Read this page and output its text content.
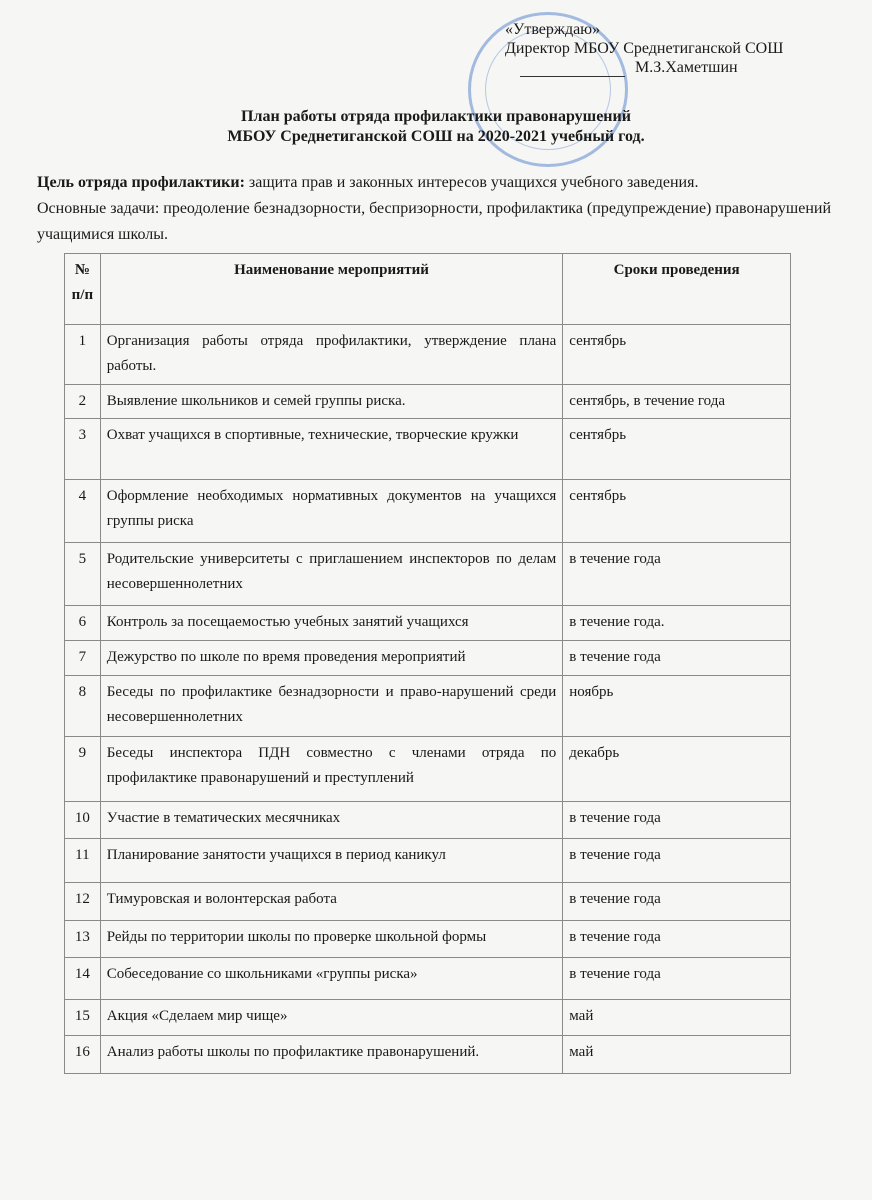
«Утверждаю»
Директор МБОУ Среднетиганской СОШ
М.З.Хаметшин
План работы отряда профилактики правонарушений
МБОУ Среднетиганской СОШ на 2020-2021 учебный год.
Цель отряда профилактики: защита прав и законных интересов учащихся учебного заведения.
Основные задачи: преодоление безнадзорности, беспризорности, профилактика (предупреждение) правонарушений учащимися школы.
№ п/п	Наименование мероприятий	Сроки проведения
1	Организация работы отряда профилактики, утверждение плана работы.	сентябрь
2	Выявление школьников и семей группы риска.	сентябрь, в течение года
3	Охват учащихся в спортивные, технические, творческие кружки	сентябрь
4	Оформление необходимых нормативных документов на учащихся группы риска	сентябрь
5	Родительские университеты с приглашением инспекторов по делам несовершеннолетних	в течение года
6	Контроль за посещаемостью учебных занятий учащихся	в течение года.
7	Дежурство по школе по время проведения мероприятий	в течение года
8	Беседы по профилактике безнадзорности и право-нарушений среди несовершеннолетних	ноябрь
9	Беседы инспектора ПДН совместно с членами отряда по профилактике правонарушений и преступлений	декабрь
10	Участие в тематических месячниках	в течение года
11	Планирование занятости учащихся в период каникул	в течение года
12	Тимуровская и волонтерская работа	в течение года
13	Рейды по территории школы по проверке школьной формы	в течение года
14	Собеседование со школьниками «группы риска»	в течение года
15	Акция «Сделаем мир чище»	май
16	Анализ работы школы по профилактике правонарушений.	май
